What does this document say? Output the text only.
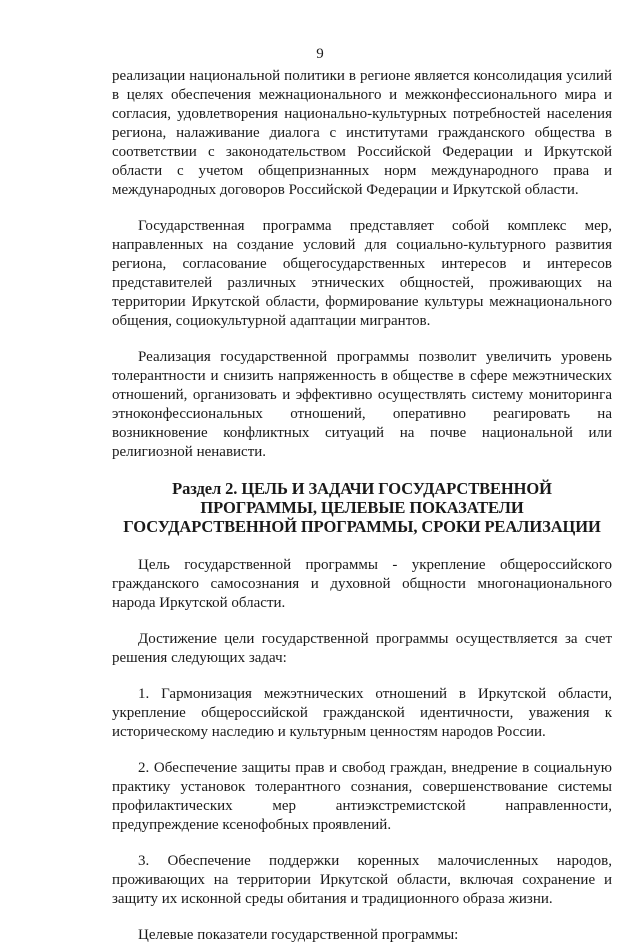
9

реализации национальной политики в регионе является консолидация усилий в целях обеспечения межнационального и межконфессионального мира и согласия, удовлетворения национально-культурных потребностей населения региона, налаживание диалога с институтами гражданского общества в соответствии с законодательством Российской Федерации и Иркутской области с учетом общепризнанных норм международного права и международных договоров Российской Федерации и Иркутской области.

Государственная программа представляет собой комплекс мер, направленных на создание условий для социально-культурного развития региона, согласование общегосударственных интересов и интересов представителей различных этнических общностей, проживающих на территории Иркутской области, формирование культуры межнационального общения, социокультурной адаптации мигрантов.

Реализация государственной программы позволит увеличить уровень толерантности и снизить напряженность в обществе в сфере межэтнических отношений, организовать и эффективно осуществлять систему мониторинга этноконфессиональных отношений, оперативно реагировать на возникновение конфликтных ситуаций на почве национальной или религиозной ненависти.

Раздел 2. ЦЕЛЬ И ЗАДАЧИ ГОСУДАРСТВЕННОЙ ПРОГРАММЫ, ЦЕЛЕВЫЕ ПОКАЗАТЕЛИ ГОСУДАРСТВЕННОЙ ПРОГРАММЫ, СРОКИ РЕАЛИЗАЦИИ

Цель государственной программы - укрепление общероссийского гражданского самосознания и духовной общности многонационального народа Иркутской области.

Достижение цели государственной программы осуществляется за счет решения следующих задач:

1. Гармонизация межэтнических отношений в Иркутской области, укрепление общероссийской гражданской идентичности, уважения к историческому наследию и культурным ценностям народов России.

2. Обеспечение защиты прав и свобод граждан, внедрение в социальную практику установок толерантного сознания, совершенствование системы профилактических мер антиэкстремистской направленности, предупреждение ксенофобных проявлений.

3. Обеспечение поддержки коренных малочисленных народов, проживающих на территории Иркутской области, включая сохранение и защиту их исконной среды обитания и традиционного образа жизни.

Целевые показатели государственной программы:
